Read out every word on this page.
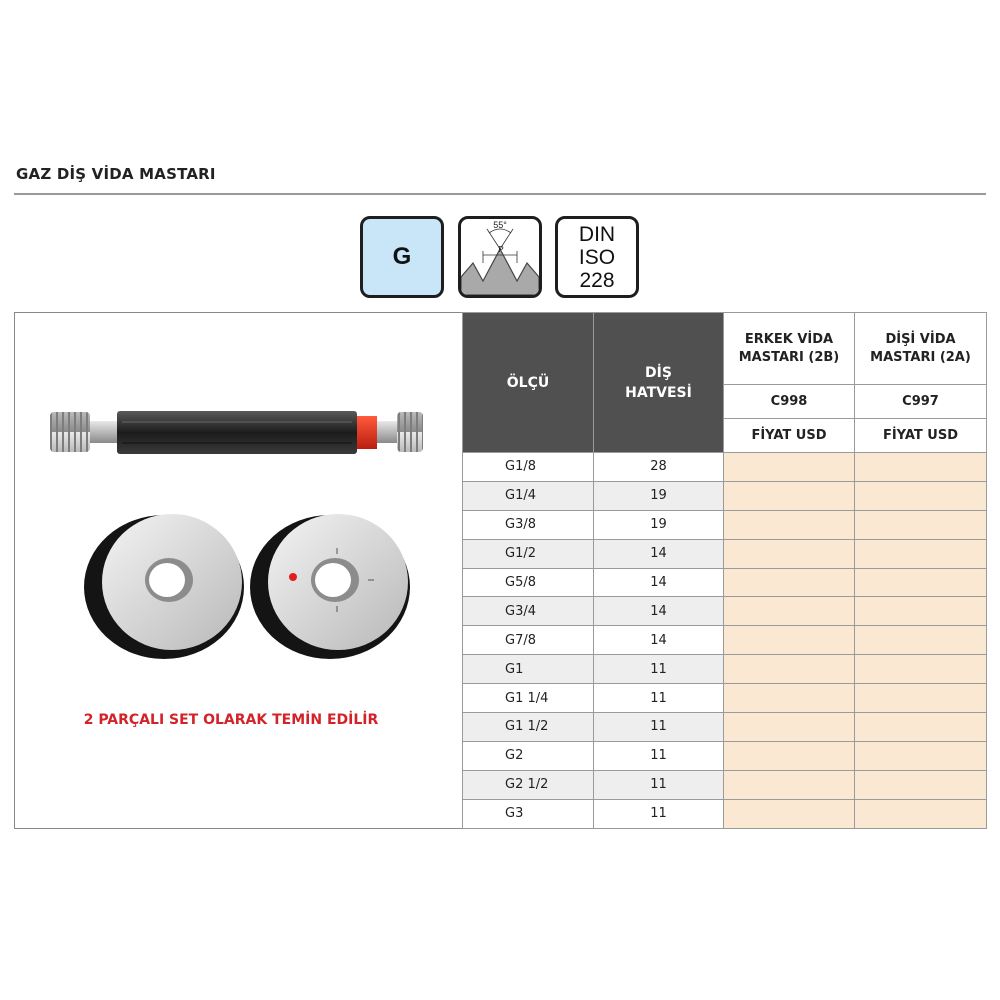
GAZ DİŞ VİDA MASTARI
G
55°
P
DIN
ISO
228
2 PARÇALI SET OLARAK TEMİN EDİLİR
ÖLÇÜ	DİŞ HATVESİ	ERKEK VİDA MASTARI (2B)	DİŞİ VİDA MASTARI (2A)
		C998	C997
		FİYAT USD	FİYAT USD
G1/8	28		
G1/4	19		
G3/8	19		
G1/2	14		
G5/8	14		
G3/4	14		
G7/8	14		
G1	11		
G1 1/4	11		
G1 1/2	11		
G2	11		
G2 1/2	11		
G3	11		
